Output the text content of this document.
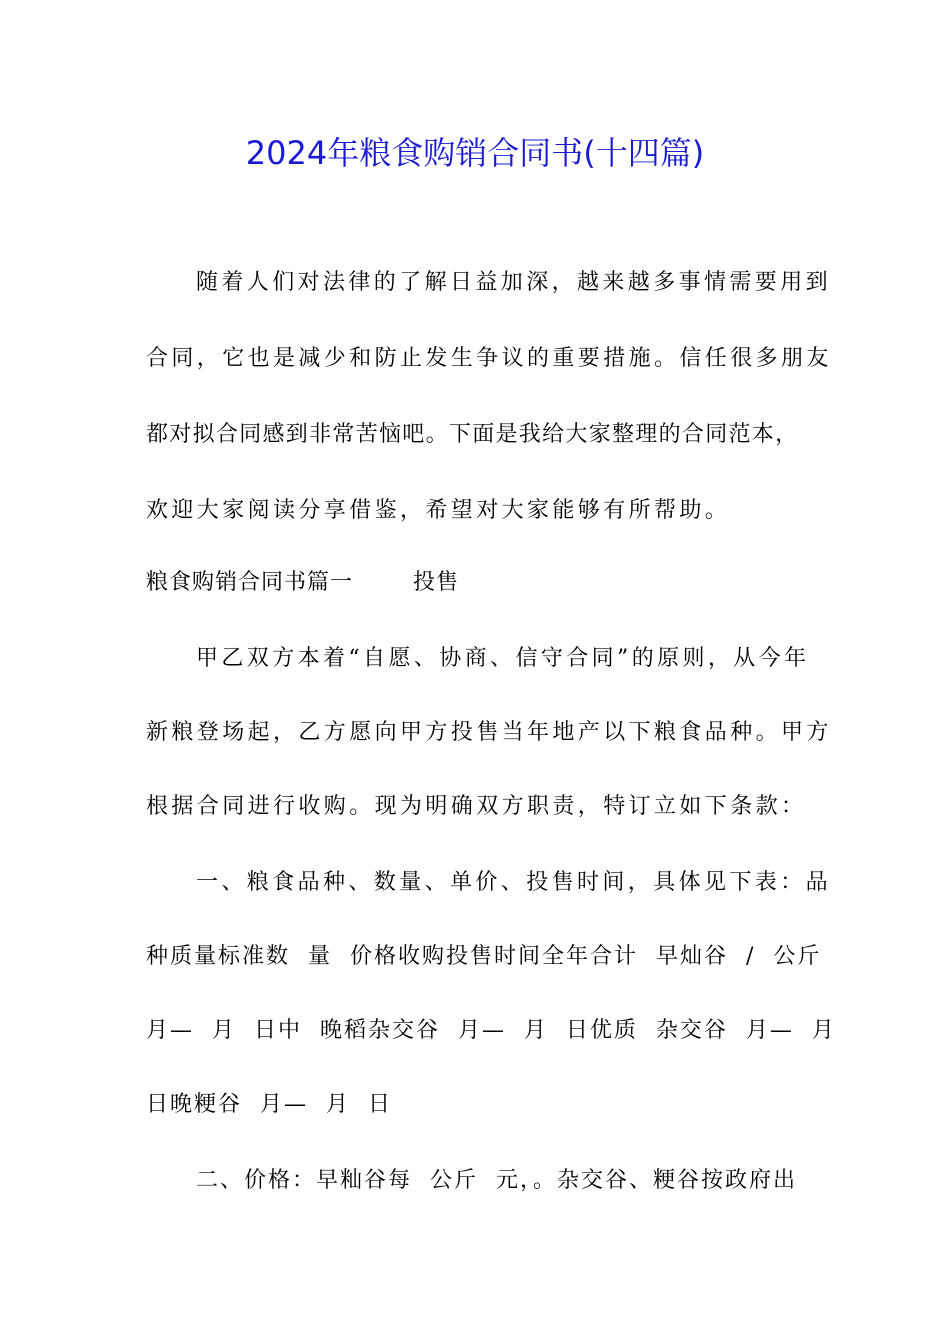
2024年粮食购销合同书(十四篇)
随着人们对法律的了解日益加深，越来越多事情需要用到
合同，它也是减少和防止发生争议的重要措施。信任很多朋友
都对拟合同感到非常苦恼吧。下面是我给大家整理的合同范本，
欢迎大家阅读分享借鉴，希望对大家能够有所帮助。
粮食购销合同书篇一	投售
甲乙双方本着“自愿、协商、信守合同”的原则，从今年
新粮登场起，乙方愿向甲方投售当年地产以下粮食品种。甲方
根据合同进行收购。现为明确双方职责，特订立如下条款：
一、粮食品种、数量、单价、投售时间，具体见下表：品
种质量标准数  量  价格收购投售时间全年合计  早灿谷  /  公斤
月—  月  日中  晚稻杂交谷  月—  月  日优质  杂交谷  月—  月
日晚粳谷  月—  月  日
二、价格：早籼谷每  公斤  元，。杂交谷、粳谷按政府出
